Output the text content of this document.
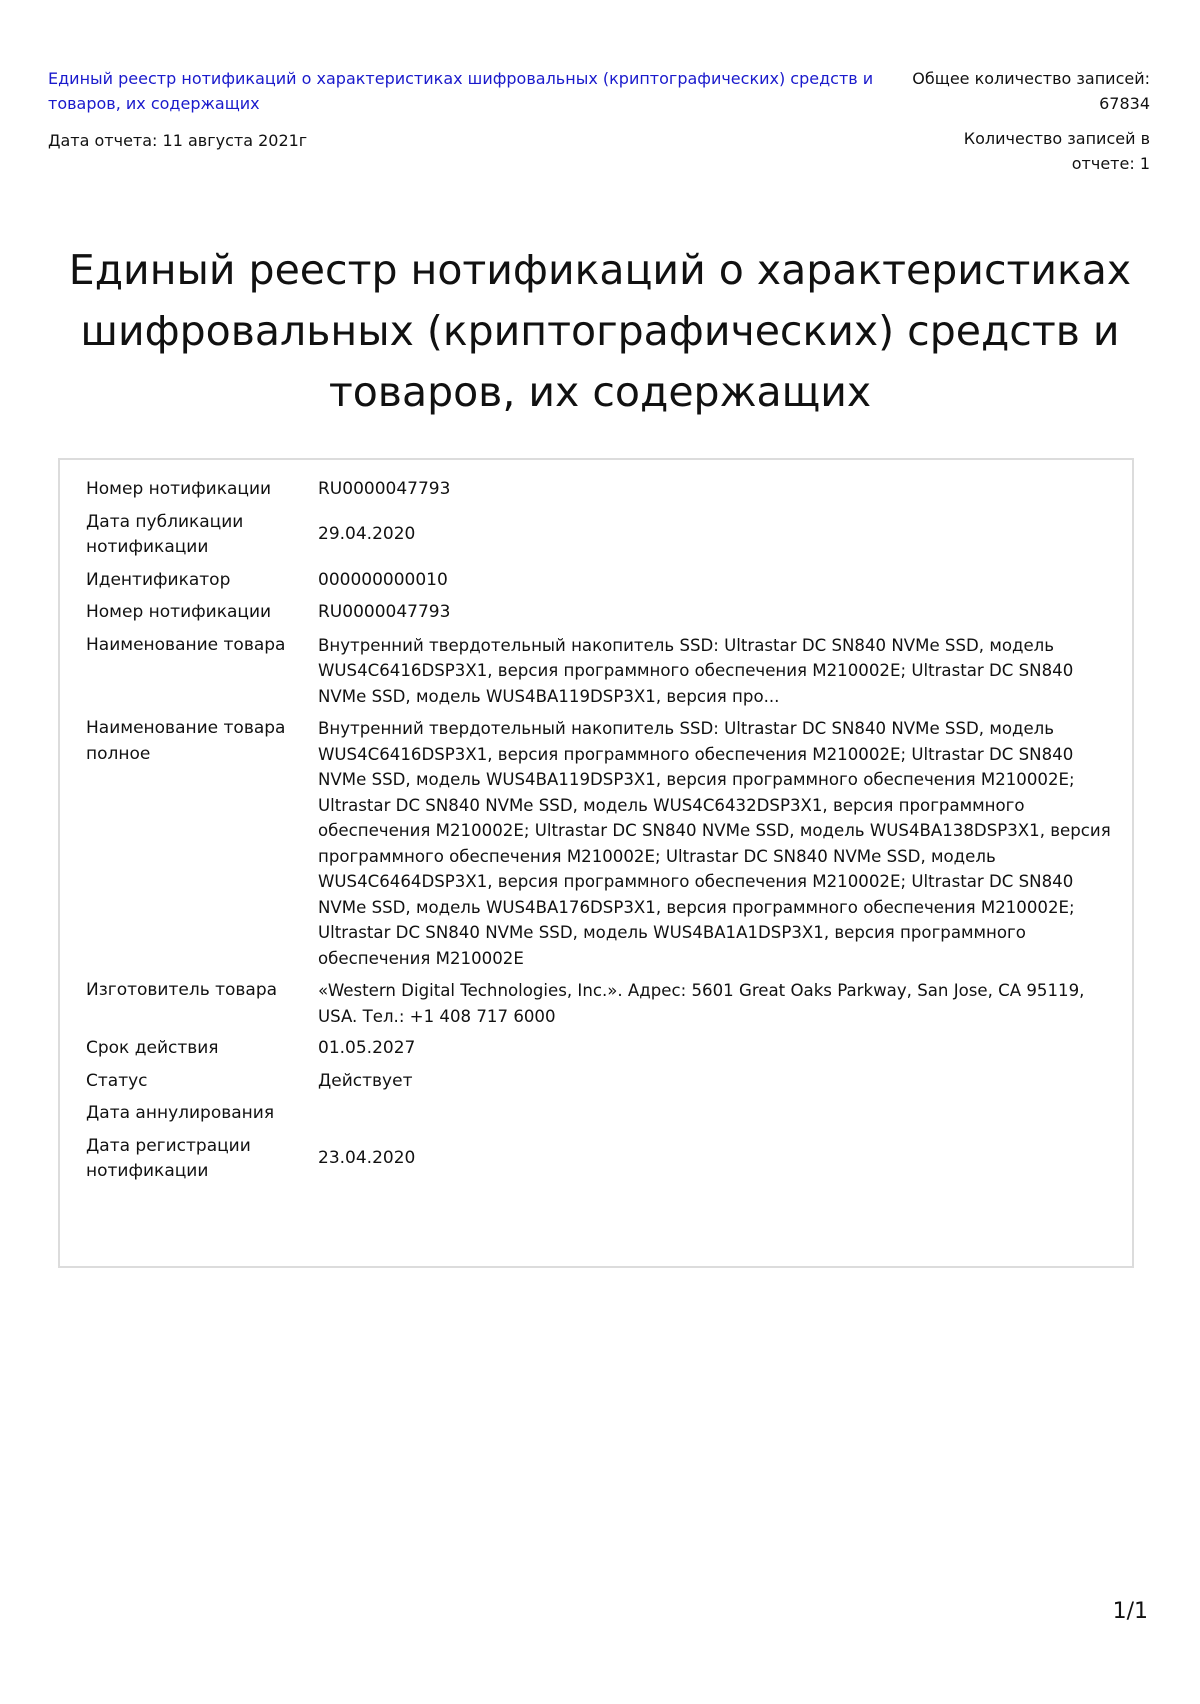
Единый реестр нотификаций о характеристиках шифровальных (криптографических) средств и товаров, их содержащих
Дата отчета: 11 августа 2021г
Общее количество записей:
67834
Количество записей в
отчете: 1
Единый реестр нотификаций о характеристиках шифровальных (криптографических) средств и товаров, их содержащих
Номер нотификации	RU0000047793
Дата публикации нотификации	29.04.2020
Идентификатор	000000000010
Номер нотификации	RU0000047793
Наименование товара	Внутренний твердотельный накопитель SSD: Ultrastar DC SN840 NVMe SSD, модель WUS4C6416DSP3X1, версия программного обеспечения M210002E; Ultrastar DC SN840 NVMe SSD, модель WUS4BA119DSP3X1, версия про...
Наименование товара полное	Внутренний твердотельный накопитель SSD: Ultrastar DC SN840 NVMe SSD, модель WUS4C6416DSP3X1, версия программного обеспечения M210002E; Ultrastar DC SN840 NVMe SSD, модель WUS4BA119DSP3X1, версия программного обеспечения M210002E; Ultrastar DC SN840 NVMe SSD, модель WUS4C6432DSP3X1, версия программного обеспечения M210002E; Ultrastar DC SN840 NVMe SSD, модель WUS4BA138DSP3X1, версия программного обеспечения M210002E; Ultrastar DC SN840 NVMe SSD, модель WUS4C6464DSP3X1, версия программного обеспечения M210002E; Ultrastar DC SN840 NVMe SSD, модель WUS4BA176DSP3X1, версия программного обеспечения M210002E; Ultrastar DC SN840 NVMe SSD, модель WUS4BA1A1DSP3X1, версия программного обеспечения M210002E
Изготовитель товара	«Western Digital Technologies, Inc.». Адрес: 5601 Great Oaks Parkway, San Jose, CA 95119, USA. Тел.: +1 408 717 6000
Срок действия	01.05.2027
Статус	Действует
Дата аннулирования	
Дата регистрации нотификации	23.04.2020
1/1
